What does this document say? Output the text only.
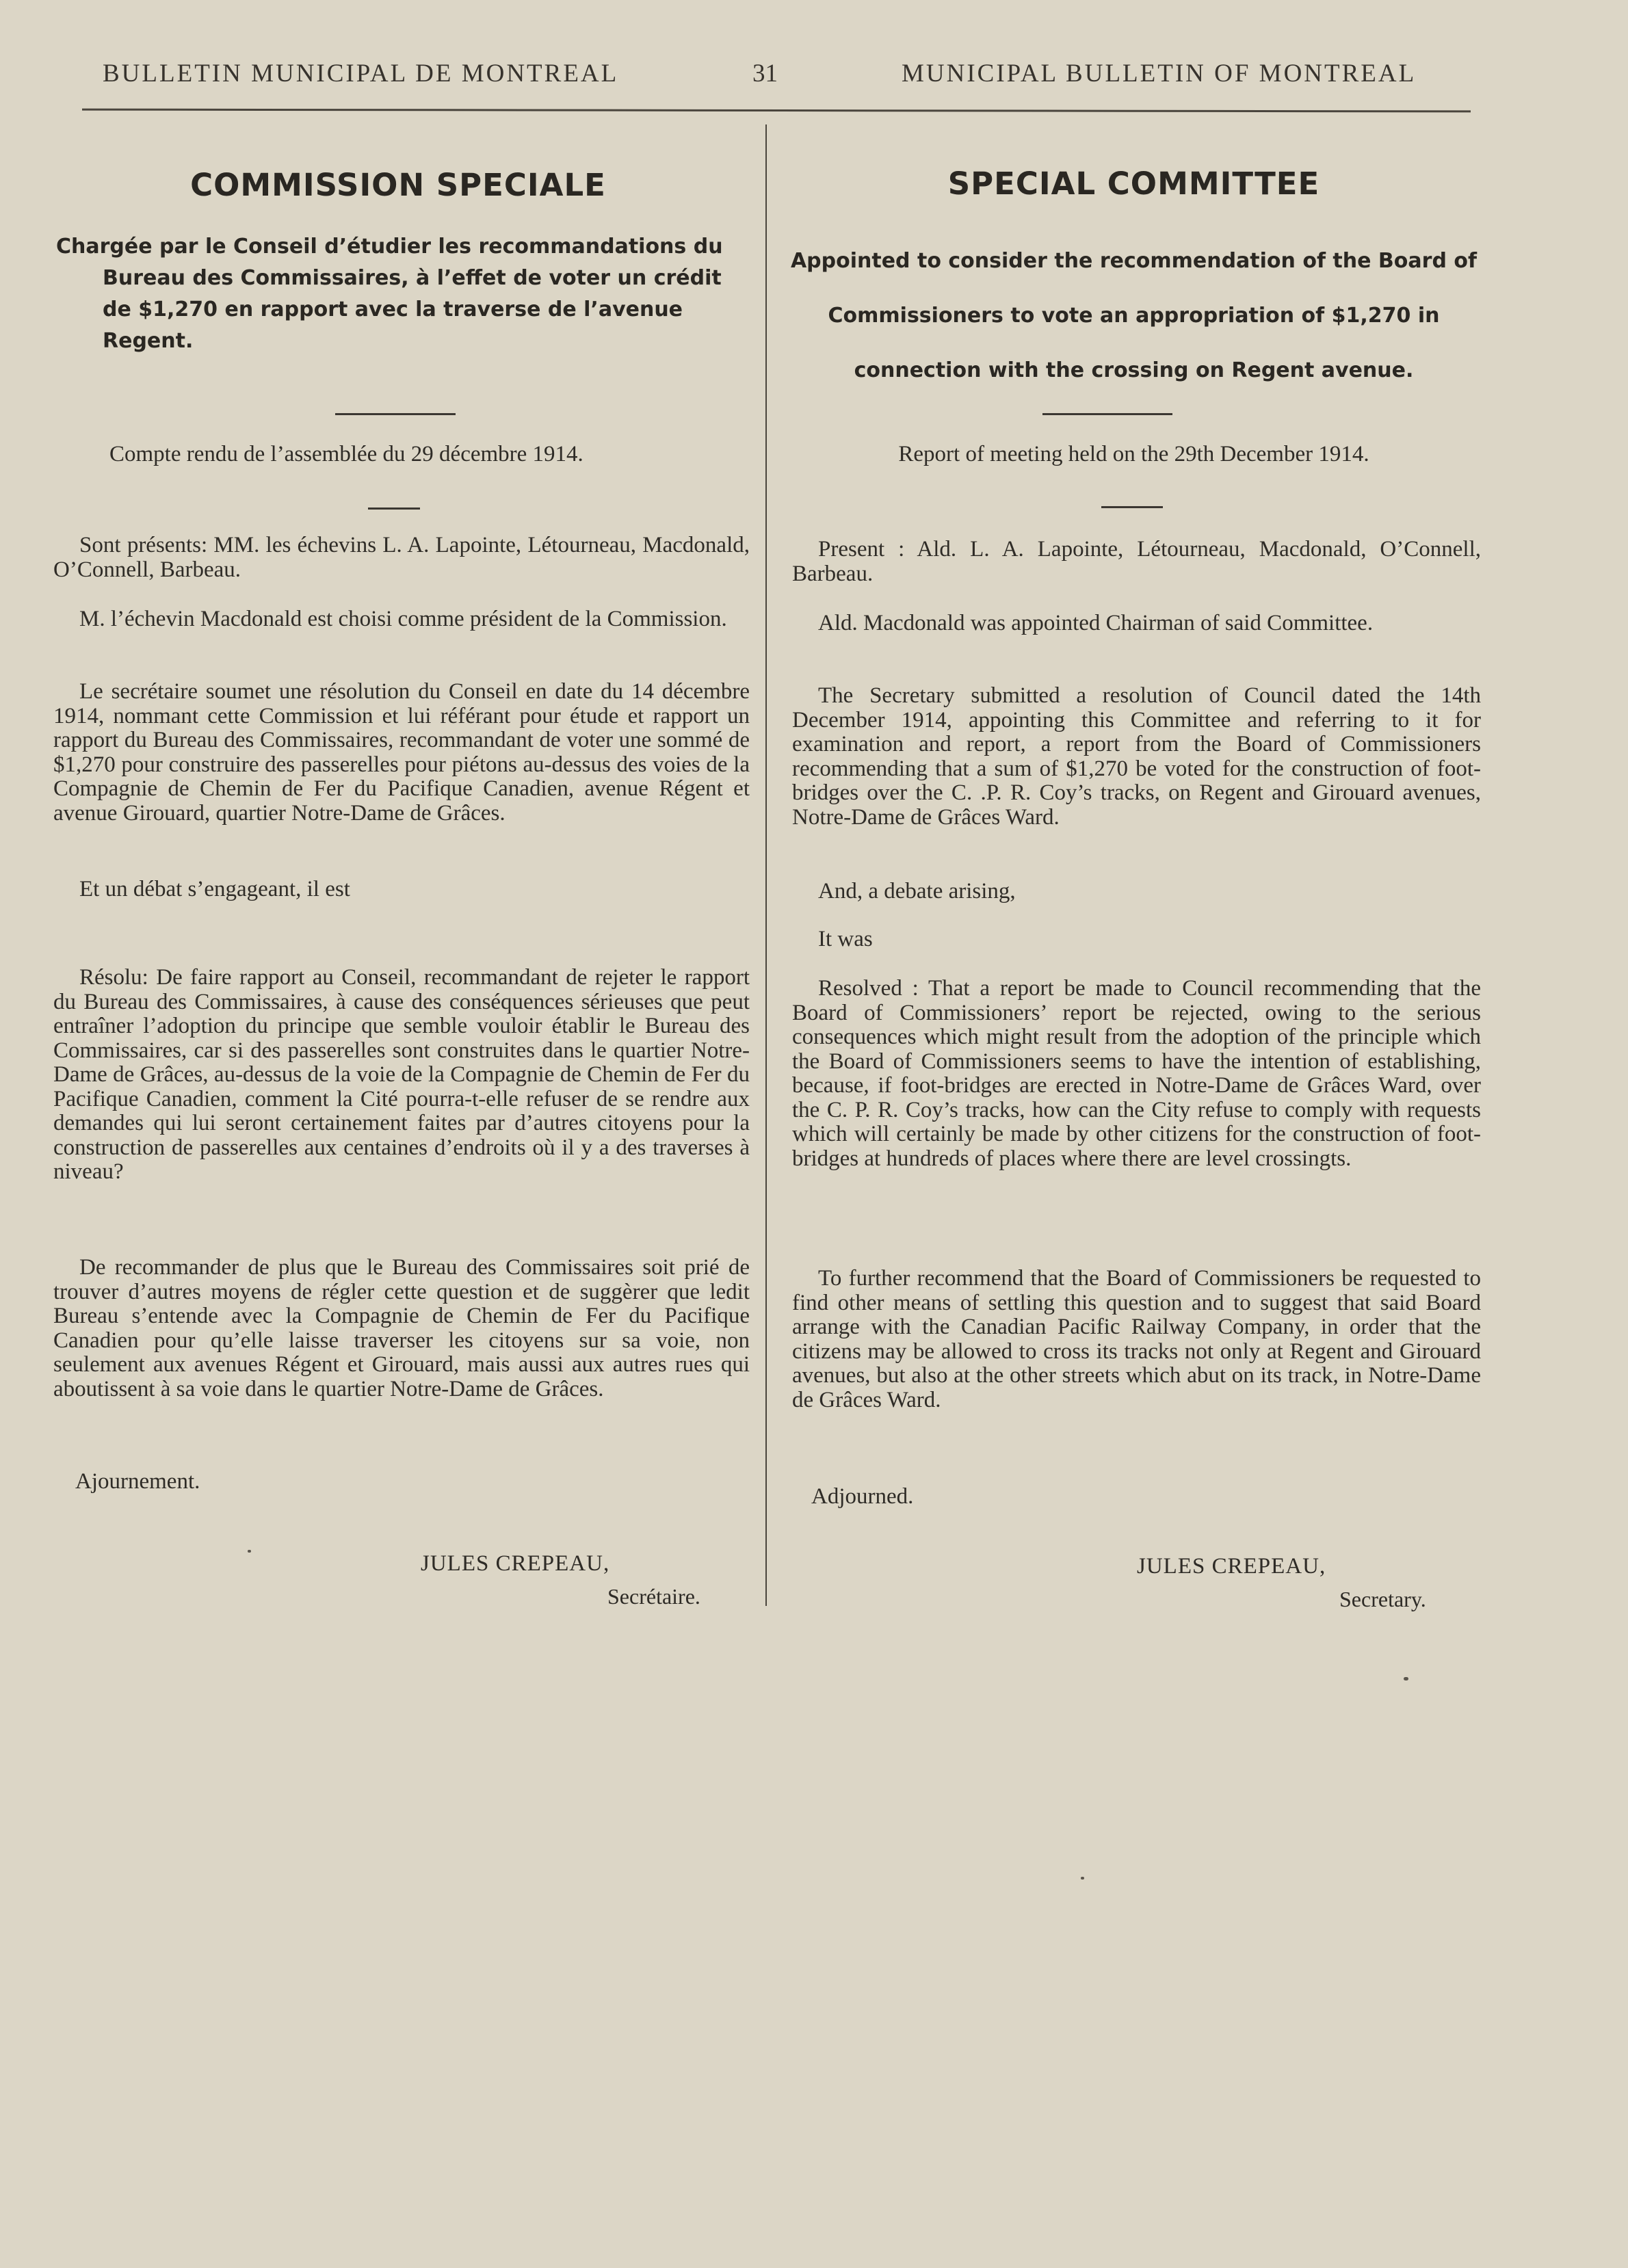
BULLETIN MUNICIPAL DE MONTREAL	31	MUNICIPAL BULLETIN OF MONTREAL
COMMISSION SPECIALE
Chargée par le Conseil d’étudier les recommandations du
Bureau des Commissaires, à l’effet de voter un crédit de $1,270 en rapport avec la traverse de l’avenue Regent.
Compte rendu de l’assemblée du 29 décembre 1914.
Sont présents: MM. les échevins L. A. Lapointe, Létourneau, Macdonald, O’Connell, Barbeau.
M. l’échevin Macdonald est choisi comme président de la Commission.
Le secrétaire soumet une résolution du Conseil en date du 14 décembre 1914, nommant cette Commission et lui référant pour étude et rapport un rapport du Bureau des Commissaires, recommandant de voter une sommé de $1,270 pour construire des passerelles pour piétons au-dessus des voies de la Compagnie de Chemin de Fer du Pacifique Canadien, avenue Régent et avenue Girouard, quartier Notre-Dame de Grâces.
Et un débat s’engageant, il est
Résolu: De faire rapport au Conseil, recommandant de rejeter le rapport du Bureau des Commissaires, à cause des conséquences sérieuses que peut entraîner l’adoption du principe que semble vouloir établir le Bureau des Commissaires, car si des passerelles sont construites dans le quartier Notre-Dame de Grâces, au-dessus de la voie de la Compagnie de Chemin de Fer du Pacifique Canadien, comment la Cité pourra-t-elle refuser de se rendre aux demandes qui lui seront certainement faites par d’autres citoyens pour la construction de passerelles aux centaines d’endroits où il y a des traverses à niveau?
De recommander de plus que le Bureau des Commissaires soit prié de trouver d’autres moyens de régler cette question et de suggèrer que ledit Bureau s’entende avec la Compagnie de Chemin de Fer du Pacifique Canadien pour qu’elle laisse traverser les citoyens sur sa voie, non seulement aux avenues Régent et Girouard, mais aussi aux autres rues qui aboutissent à sa voie dans le quartier Notre-Dame de Grâces.
Ajournement.
JULES CREPEAU,
Secrétaire.
SPECIAL COMMITTEE
Appointed to consider the recommendation of the Board of Commissioners to vote an appropriation of $1,270 in connection with the crossing on Regent avenue.
Report of meeting held on the 29th December 1914.
Present : Ald. L. A. Lapointe, Létourneau, Macdonald, O’Connell, Barbeau.
Ald. Macdonald was appointed Chairman of said Committee.
The Secretary submitted a resolution of Council dated the 14th December 1914, appointing this Committee and referring to it for examination and report, a report from the Board of Commissioners recommending that a sum of $1,270 be voted for the construction of foot-bridges over the C. .P. R. Coy’s tracks, on Regent and Girouard avenues, Notre-Dame de Grâces Ward.
And, a debate arising,
It was
Resolved : That a report be made to Council recommending that the Board of Commissioners’ report be rejected, owing to the serious consequences which might result from the adoption of the principle which the Board of Commissioners seems to have the intention of establishing, because, if foot-bridges are erected in Notre-Dame de Grâces Ward, over the C. P. R. Coy’s tracks, how can the City refuse to comply with requests which will certainly be made by other citizens for the construction of foot-bridges at hundreds of places where there are level crossingts.
To further recommend that the Board of Commissioners be requested to find other means of settling this question and to suggest that said Board arrange with the Canadian Pacific Railway Company, in order that the citizens may be allowed to cross its tracks not only at Regent and Girouard avenues, but also at the other streets which abut on its track, in Notre-Dame de Grâces Ward.
Adjourned.
JULES CREPEAU,
Secretary.
